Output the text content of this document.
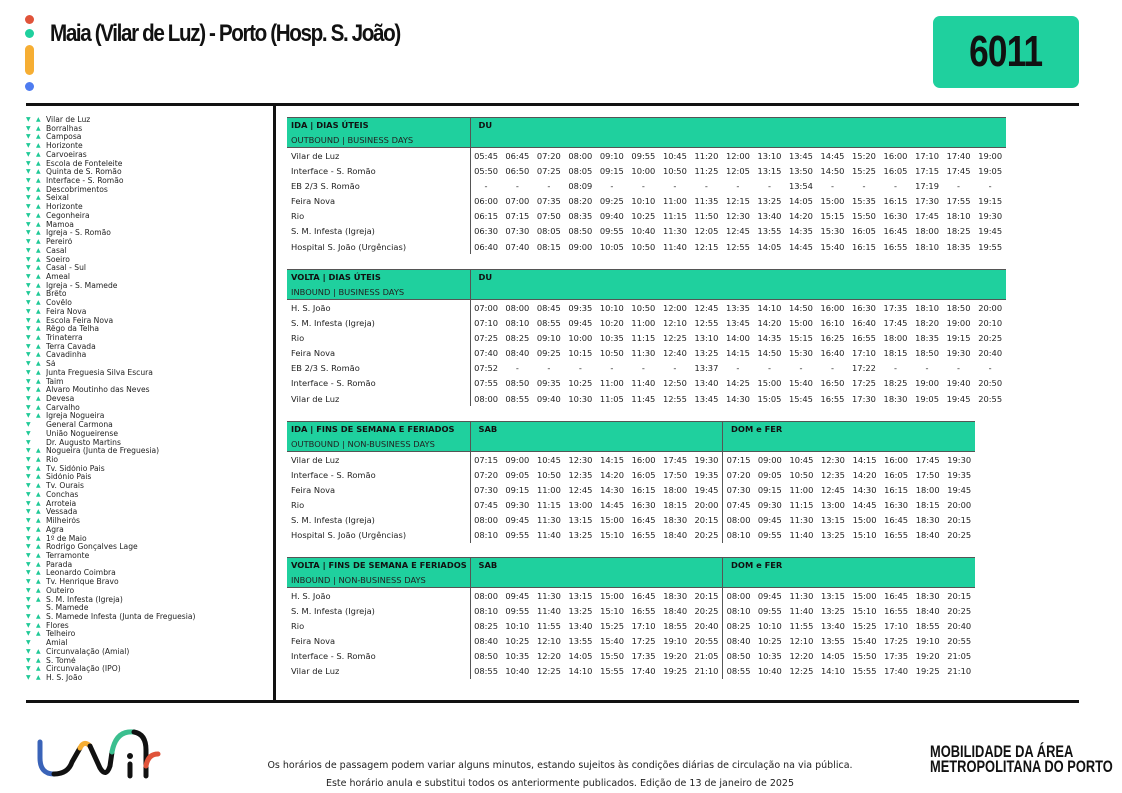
Maia (Vilar de Luz) - Porto (Hosp. S. João)	6011
▼ ▲ Vilar de Luz
▼ ▲ Borralhas
▼ ▲ Camposa
▼ ▲ Horizonte
▼ ▲ Carvoeiras
▼ ▲ Escola de Fonteleite
▼ ▲ Quinta de S. Romão
▼ ▲ Interface - S. Romão
▼ ▲ Descobrimentos
▼ ▲ Seixal
▼ ▲ Horizonte
▼ ▲ Cegonheira
▼ ▲ Mamoa
▼ ▲ Igreja - S. Romão
▼ ▲ Pereiró
▼ ▲ Casal
▼ ▲ Soeiro
▼ ▲ Casal - Sul
▼ ▲ Ameal
▼ ▲ Igreja - S. Mamede
▼ ▲ Brêto
▼ ▲ Covêlo
▼ ▲ Feira Nova
▼ ▲ Escola Feira Nova
▼ ▲ Rêgo da Telha
▼ ▲ Trinaterra
▼ ▲ Terra Cavada
▼ ▲ Cavadinha
▼ ▲ Sá
▼ ▲ Junta Freguesia Silva Escura
▼ ▲ Taim
▼ ▲ Alvaro Moutinho das Neves
▼ ▲ Devesa
▼ ▲ Carvalho
▼ ▲ Igreja Nogueira
▼	General Carmona
▼	União Nogueirense
▼	Dr. Augusto Martins
▼ ▲ Nogueira (Junta de Freguesia)
▼ ▲ Rio
▼ ▲ Tv. Sidónio Pais
▼ ▲ Sidónio Pais
▼ ▲ Tv. Ourais
▼ ▲ Conchas
▼ ▲ Arroteia
▼ ▲ Vessada
▼ ▲ Milheirós
▼ ▲ Agra
▼ ▲ 1º de Maio
▼ ▲ Rodrigo Gonçalves Lage
▼ ▲ Terramonte
▼ ▲ Parada
▼ ▲ Leonardo Coimbra
▼ ▲ Tv. Henrique Bravo
▼ ▲ Outeiro
▼ ▲ S. M. Infesta (Igreja)
▼	S. Mamede
▼ ▲ S. Mamede Infesta (Junta de Freguesia)
▼ ▲ Flores
▼ ▲ Telheiro
▼	Amial
▼ ▲ Circunvalação (Amial)
▼ ▲ S. Tomé
▼ ▲ Circunvalação (IPO)
▼ ▲ H. S. João
IDA | DIAS ÚTEIS	DU																
OUTBOUND | BUSINESS DAYS																	
Vilar de Luz	05:45	06:45	07:20	08:00	09:10	09:55	10:45	11:20	12:00	13:10	13:45	14:45	15:20	16:00	17:10	17:40	19:00
Interface - S. Romão	05:50	06:50	07:25	08:05	09:15	10:00	10:50	11:25	12:05	13:15	13:50	14:50	15:25	16:05	17:15	17:45	19:05
EB 2/3 S. Romão	-	-	-	08:09	-	-	-	-	-	-	13:54	-	-	-	17:19	-	-
Feira Nova	06:00	07:00	07:35	08:20	09:25	10:10	11:00	11:35	12:15	13:25	14:05	15:00	15:35	16:15	17:30	17:55	19:15
Rio	06:15	07:15	07:50	08:35	09:40	10:25	11:15	11:50	12:30	13:40	14:20	15:15	15:50	16:30	17:45	18:10	19:30
S. M. Infesta (Igreja)	06:30	07:30	08:05	08:50	09:55	10:40	11:30	12:05	12:45	13:55	14:35	15:30	16:05	16:45	18:00	18:25	19:45
Hospital S. João (Urgências)	06:40	07:40	08:15	09:00	10:05	10:50	11:40	12:15	12:55	14:05	14:45	15:40	16:15	16:55	18:10	18:35	19:55
VOLTA | DIAS ÚTEIS	DU																
INBOUND | BUSINESS DAYS																	
H. S. João	07:00	08:00	08:45	09:35	10:10	10:50	12:00	12:45	13:35	14:10	14:50	16:00	16:30	17:35	18:10	18:50	20:00
S. M. Infesta (Igreja)	07:10	08:10	08:55	09:45	10:20	11:00	12:10	12:55	13:45	14:20	15:00	16:10	16:40	17:45	18:20	19:00	20:10
Rio	07:25	08:25	09:10	10:00	10:35	11:15	12:25	13:10	14:00	14:35	15:15	16:25	16:55	18:00	18:35	19:15	20:25
Feira Nova	07:40	08:40	09:25	10:15	10:50	11:30	12:40	13:25	14:15	14:50	15:30	16:40	17:10	18:15	18:50	19:30	20:40
EB 2/3 S. Romão	07:52	-	-	-	-	-	-	13:37	-	-	-	-	17:22	-	-	-	-
Interface - S. Romão	07:55	08:50	09:35	10:25	11:00	11:40	12:50	13:40	14:25	15:00	15:40	16:50	17:25	18:25	19:00	19:40	20:50
Vilar de Luz	08:00	08:55	09:40	10:30	11:05	11:45	12:55	13:45	14:30	15:05	15:45	16:55	17:30	18:30	19:05	19:45	20:55
IDA | FINS DE SEMANA E FERIADOS	SAB								DOM e FER							
OUTBOUND | NON-BUSINESS DAYS																
Vilar de Luz	07:15	09:00	10:45	12:30	14:15	16:00	17:45	19:30	07:15	09:00	10:45	12:30	14:15	16:00	17:45	19:30
Interface - S. Romão	07:20	09:05	10:50	12:35	14:20	16:05	17:50	19:35	07:20	09:05	10:50	12:35	14:20	16:05	17:50	19:35
Feira Nova	07:30	09:15	11:00	12:45	14:30	16:15	18:00	19:45	07:30	09:15	11:00	12:45	14:30	16:15	18:00	19:45
Rio	07:45	09:30	11:15	13:00	14:45	16:30	18:15	20:00	07:45	09:30	11:15	13:00	14:45	16:30	18:15	20:00
S. M. Infesta (Igreja)	08:00	09:45	11:30	13:15	15:00	16:45	18:30	20:15	08:00	09:45	11:30	13:15	15:00	16:45	18:30	20:15
Hospital S. João (Urgências)	08:10	09:55	11:40	13:25	15:10	16:55	18:40	20:25	08:10	09:55	11:40	13:25	15:10	16:55	18:40	20:25
VOLTA | FINS DE SEMANA E FERIADOS	SAB								DOM e FER							
INBOUND | NON-BUSINESS DAYS																
H. S. João	08:00	09:45	11:30	13:15	15:00	16:45	18:30	20:15	08:00	09:45	11:30	13:15	15:00	16:45	18:30	20:15
S. M. Infesta (Igreja)	08:10	09:55	11:40	13:25	15:10	16:55	18:40	20:25	08:10	09:55	11:40	13:25	15:10	16:55	18:40	20:25
Rio	08:25	10:10	11:55	13:40	15:25	17:10	18:55	20:40	08:25	10:10	11:55	13:40	15:25	17:10	18:55	20:40
Feira Nova	08:40	10:25	12:10	13:55	15:40	17:25	19:10	20:55	08:40	10:25	12:10	13:55	15:40	17:25	19:10	20:55
Interface - S. Romão	08:50	10:35	12:20	14:05	15:50	17:35	19:20	21:05	08:50	10:35	12:20	14:05	15:50	17:35	19:20	21:05
Vilar de Luz	08:55	10:40	12:25	14:10	15:55	17:40	19:25	21:10	08:55	10:40	12:25	14:10	15:55	17:40	19:25	21:10
Os horários de passagem podem variar alguns minutos, estando sujeitos às condições diárias de circulação na via pública.
Este horário anula e substitui todos os anteriormente publicados. Edição de 13 de janeiro de 2025
MOBILIDADE DA ÁREA
METROPOLITANA DO PORTO
